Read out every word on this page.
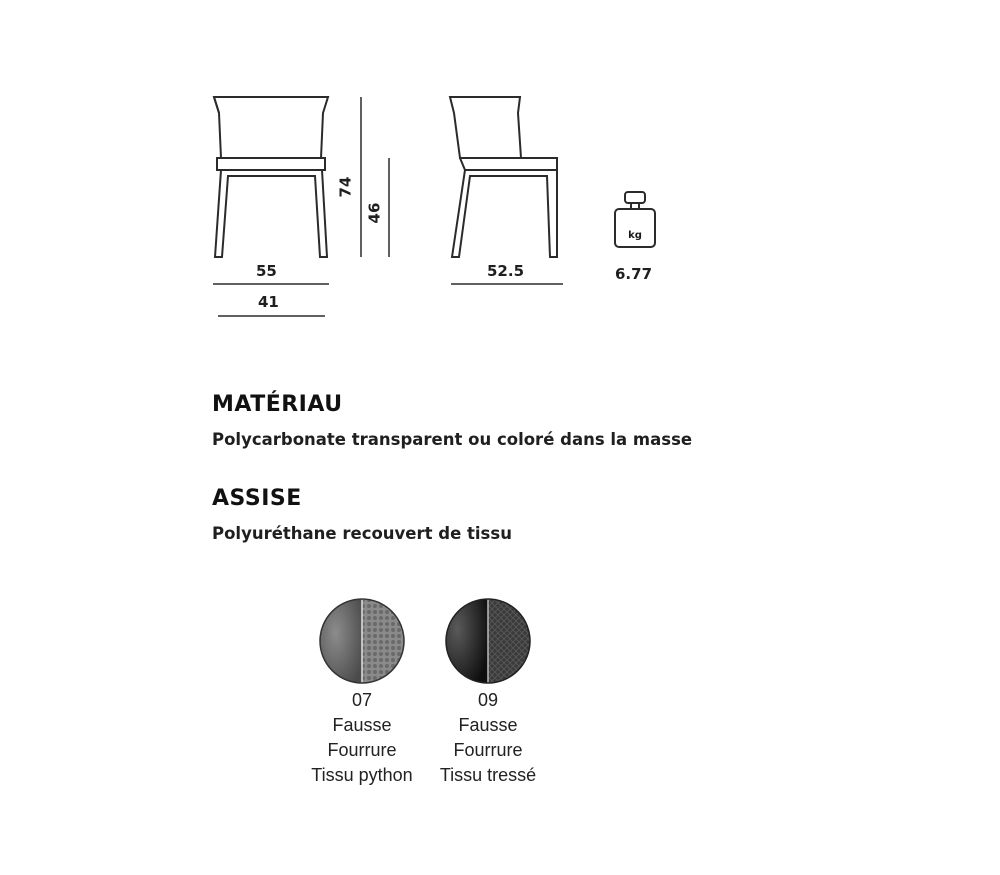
kg
55
41
74
46
52.5	6.77
MATÉRIAU
Polycarbonate transparent ou coloré dans la masse
ASSISE
Polyuréthane recouvert de tissu
07
Fausse
Fourrure
Tissu python
09
Fausse
Fourrure
Tissu tressé
